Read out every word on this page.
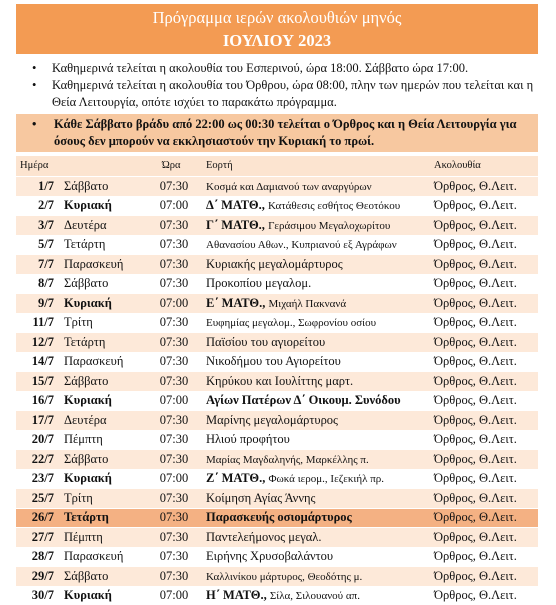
Πρόγραμμα ιερών ακολουθιών μηνός
ΙΟΥΛΙΟΥ 2023
• Καθημερινά τελείται η ακολουθία του Εσπερινού, ώρα 18:00. Σάββατο ώρα 17:00.
• Καθημερινά τελείται η ακολουθία του Όρθρου, ώρα 08:00, πλην των ημερών που τελείται και η Θεία Λειτουργία, οπότε ισχύει το παρακάτω πρόγραμμα.
• Κάθε Σάββατο βράδυ από 22:00 ως 00:30 τελείται ο Όρθρος και η Θεία Λειτουργία για όσους δεν μπορούν να εκκλησιαστούν την Κυριακή το πρωί.
Ημέρα	Ώρα Εορτή	Ακολουθία
1/7	Σάββατο	07:30	Κοσμά και Δαμιανού των αναργύρων	Όρθρος, Θ.Λειτ.
2/7	Κυριακή	07:00	Δ΄ ΜΑΤΘ., Κατάθεσις εσθήτος Θεοτόκου	Όρθρος, Θ.Λειτ.
3/7	Δευτέρα	07:30	Γ΄ ΜΑΤΘ., Γεράσιμου Μεγαλοχωρίτου	Όρθρος, Θ.Λειτ.
5/7	Τετάρτη	07:30	Αθανασίου Αθων., Κυπριανού εξ Αγράφων	Όρθρος, Θ.Λειτ.
7/7	Παρασκευή	07:30	Κυριακής μεγαλομάρτυρος	Όρθρος, Θ.Λειτ.
8/7	Σάββατο	07:30	Προκοπίου μεγαλομ.	Όρθρος, Θ.Λειτ.
9/7	Κυριακή	07:00	Ε΄ ΜΑΤΘ., Μιχαήλ Πακνανά	Όρθρος, Θ.Λειτ.
11/7	Τρίτη	07:30	Ευφημίας μεγαλομ., Σωφρονίου οσίου	Όρθρος, Θ.Λειτ.
12/7	Τετάρτη	07:30	Παϊσίου του αγιορείτου	Όρθρος, Θ.Λειτ.
14/7	Παρασκευή	07:30	Νικοδήμου του Αγιορείτου	Όρθρος, Θ.Λειτ.
15/7	Σάββατο	07:30	Κηρύκου και Ιουλίττης μαρτ.	Όρθρος, Θ.Λειτ.
16/7	Κυριακή	07:00	Αγίων Πατέρων Δ΄ Οικουμ. Συνόδου	Όρθρος, Θ.Λειτ.
17/7	Δευτέρα	07:30	Μαρίνης μεγαλομάρτυρος	Όρθρος, Θ.Λειτ.
20/7	Πέμπτη	07:30	Ηλιού προφήτου	Όρθρος, Θ.Λειτ.
22/7	Σάββατο	07:30	Μαρίας Μαγδαληνής, Μαρκέλλης π.	Όρθρος, Θ.Λειτ.
23/7	Κυριακή	07:00	Ζ΄ ΜΑΤΘ., Φωκά ιερομ., Ιεζεκιήλ πρ.	Όρθρος, Θ.Λειτ.
25/7	Τρίτη	07:30	Κοίμηση Αγίας Άννης	Όρθρος, Θ.Λειτ.
26/7	Τετάρτη	07:30	Παρασκευής οσιομάρτυρος	Όρθρος, Θ.Λειτ.
27/7	Πέμπτη	07:30	Παντελεήμονος μεγαλ.	Όρθρος, Θ.Λειτ.
28/7	Παρασκευή	07:30	Ειρήνης Χρυσοβαλάντου	Όρθρος, Θ.Λειτ.
29/7	Σάββατο	07:30	Καλλινίκου μάρτυρος, Θεοδότης μ.	Όρθρος, Θ.Λειτ.
30/7	Κυριακή	07:00	Η΄ ΜΑΤΘ., Σίλα, Σιλουανού απ.	Όρθρος, Θ.Λειτ.
